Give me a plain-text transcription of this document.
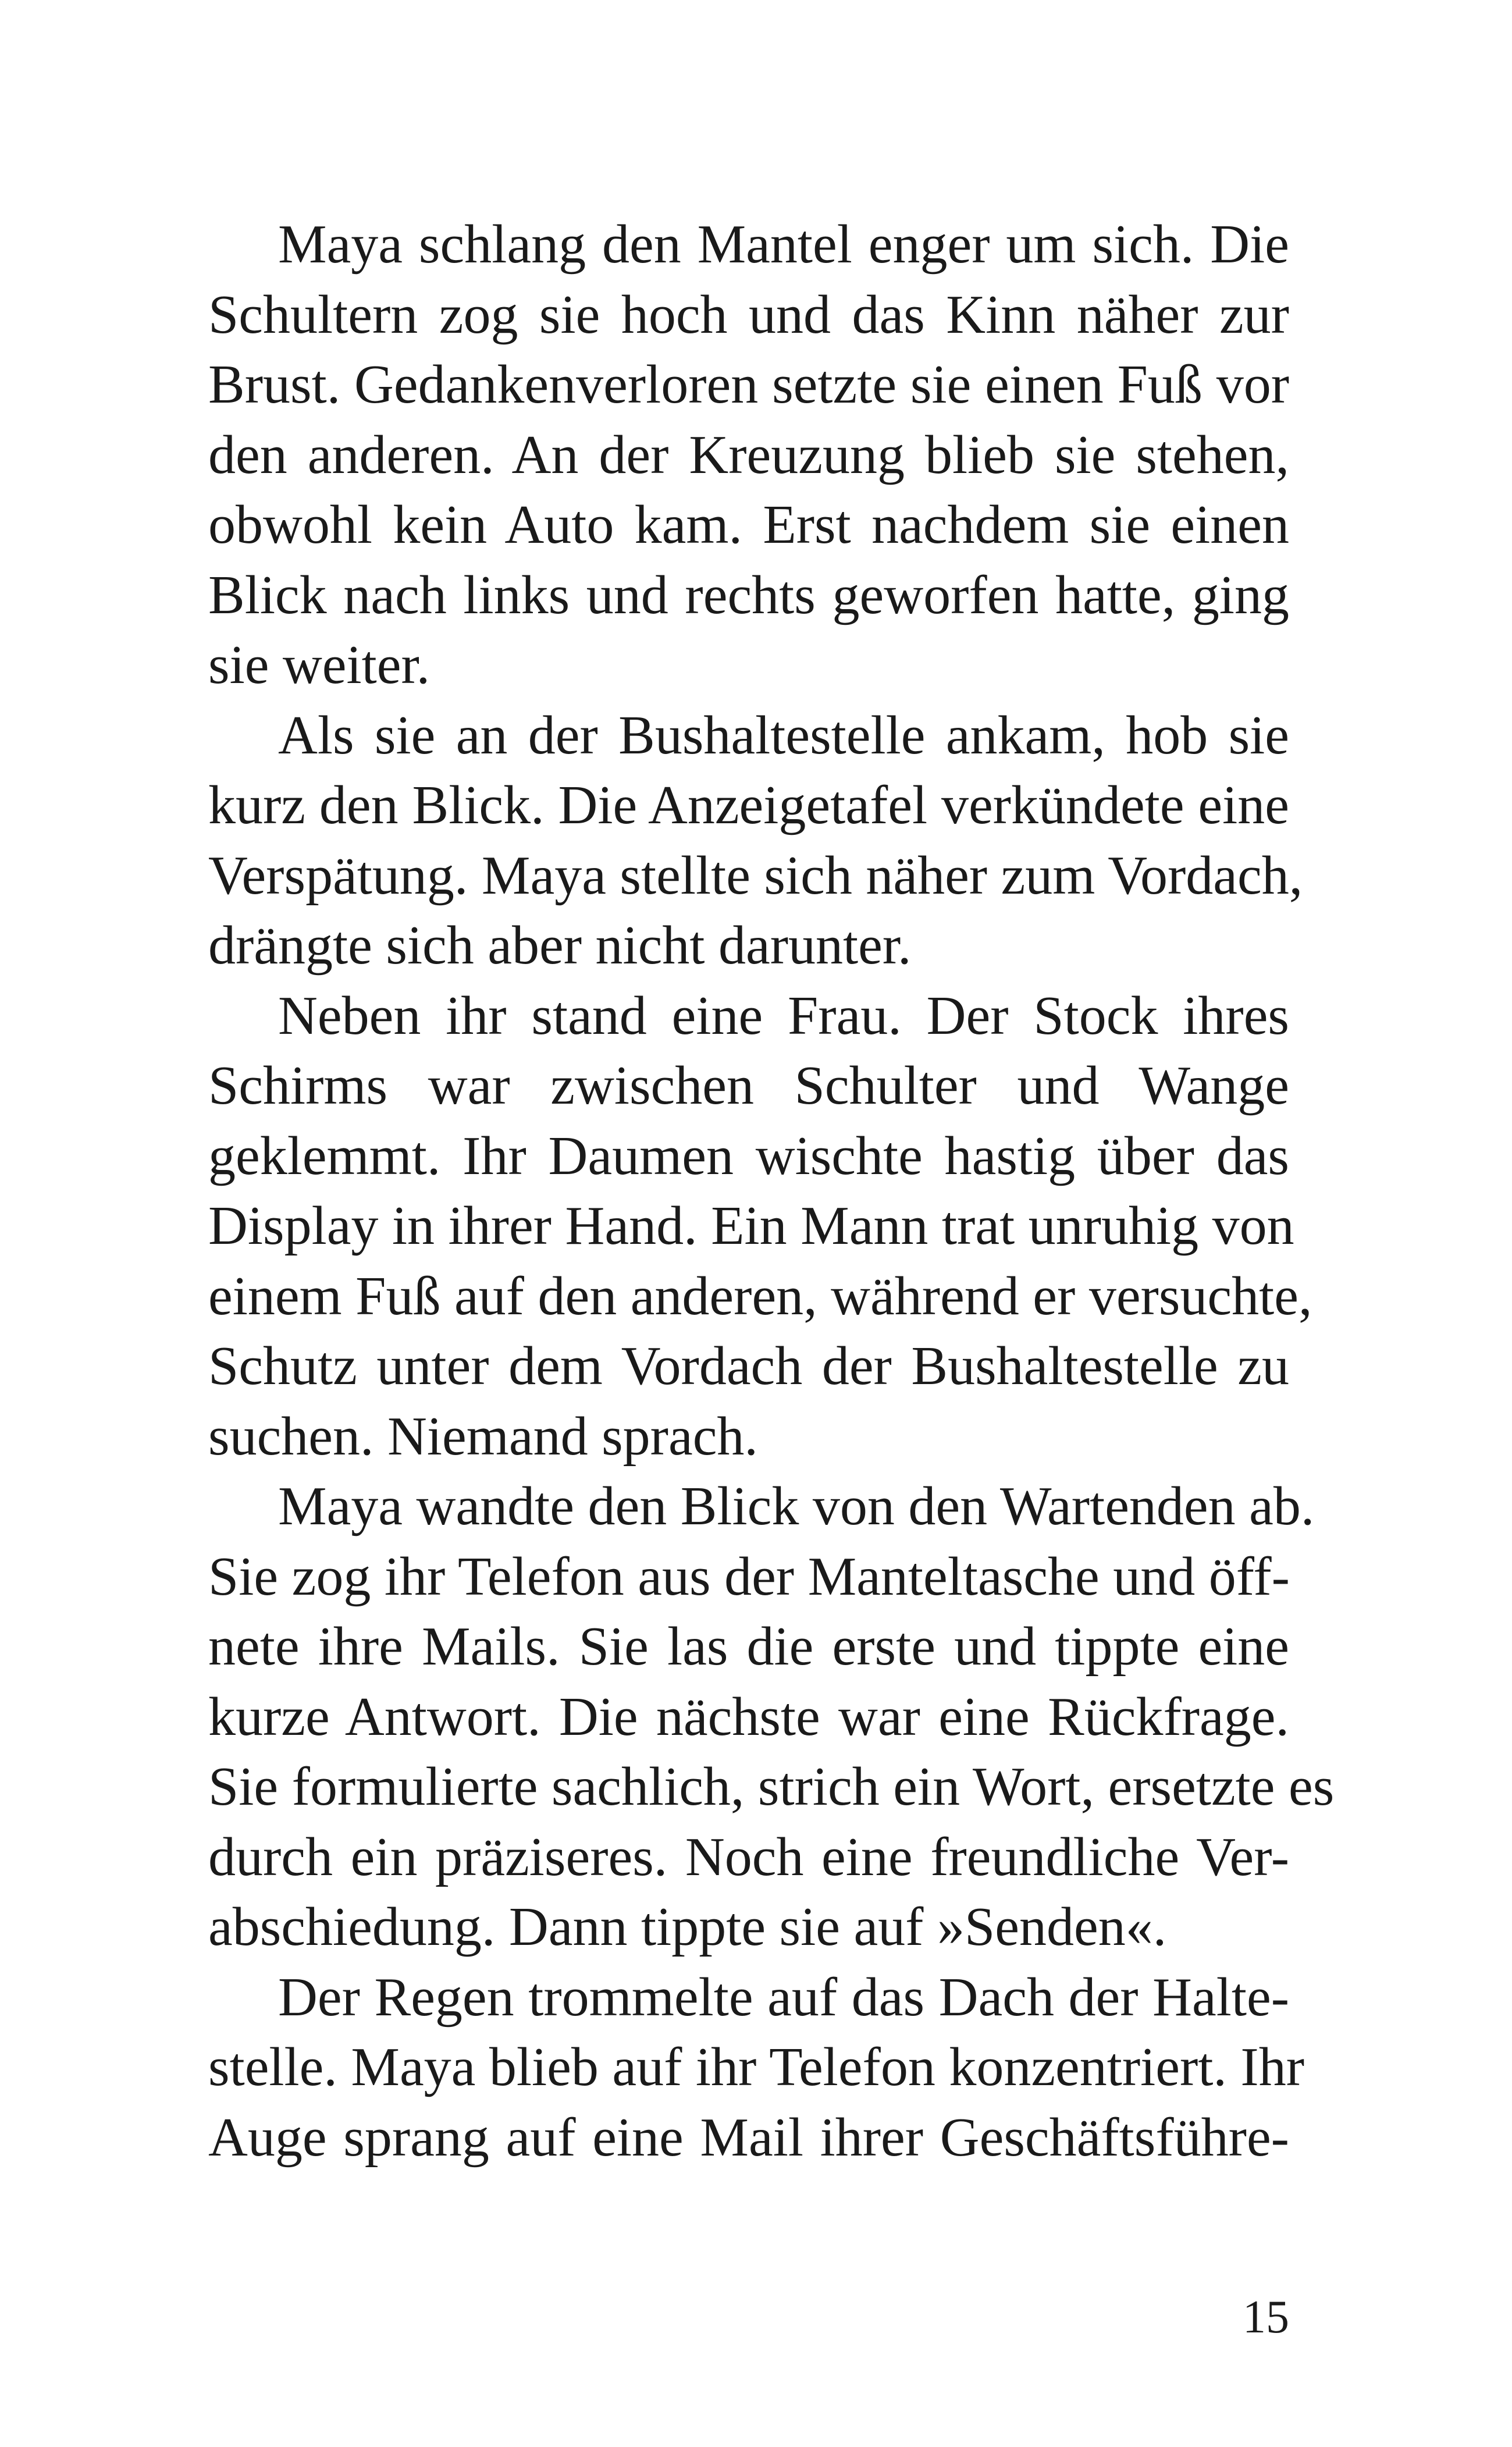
Maya schlang den Mantel enger um sich. Die
Schultern zog sie hoch und das Kinn näher zur
Brust. Gedankenverloren setzte sie einen Fuß vor
den anderen. An der Kreuzung blieb sie stehen,
obwohl kein Auto kam. Erst nachdem sie einen
Blick nach links und rechts geworfen hatte, ging
sie weiter.
Als sie an der Bushaltestelle ankam, hob sie
kurz den Blick. Die Anzeigetafel verkündete eine
Verspätung. Maya stellte sich näher zum Vordach,
drängte sich aber nicht darunter.
Neben ihr stand eine Frau. Der Stock ihres
Schirms war zwischen Schulter und Wange
geklemmt. Ihr Daumen wischte hastig über das
Display in ihrer Hand. Ein Mann trat unruhig von
einem Fuß auf den anderen, während er versuchte,
Schutz unter dem Vordach der Bushaltestelle zu
suchen. Niemand sprach.
Maya wandte den Blick von den Wartenden ab.
Sie zog ihr Telefon aus der Manteltasche und öff-
nete ihre Mails. Sie las die erste und tippte eine
kurze Antwort. Die nächste war eine Rückfrage.
Sie formulierte sachlich, strich ein Wort, ersetzte es
durch ein präziseres. Noch eine freundliche Ver-
abschiedung. Dann tippte sie auf »Senden«.
Der Regen trommelte auf das Dach der Halte-
stelle. Maya blieb auf ihr Telefon konzentriert. Ihr
Auge sprang auf eine Mail ihrer Geschäftsführe-
15
